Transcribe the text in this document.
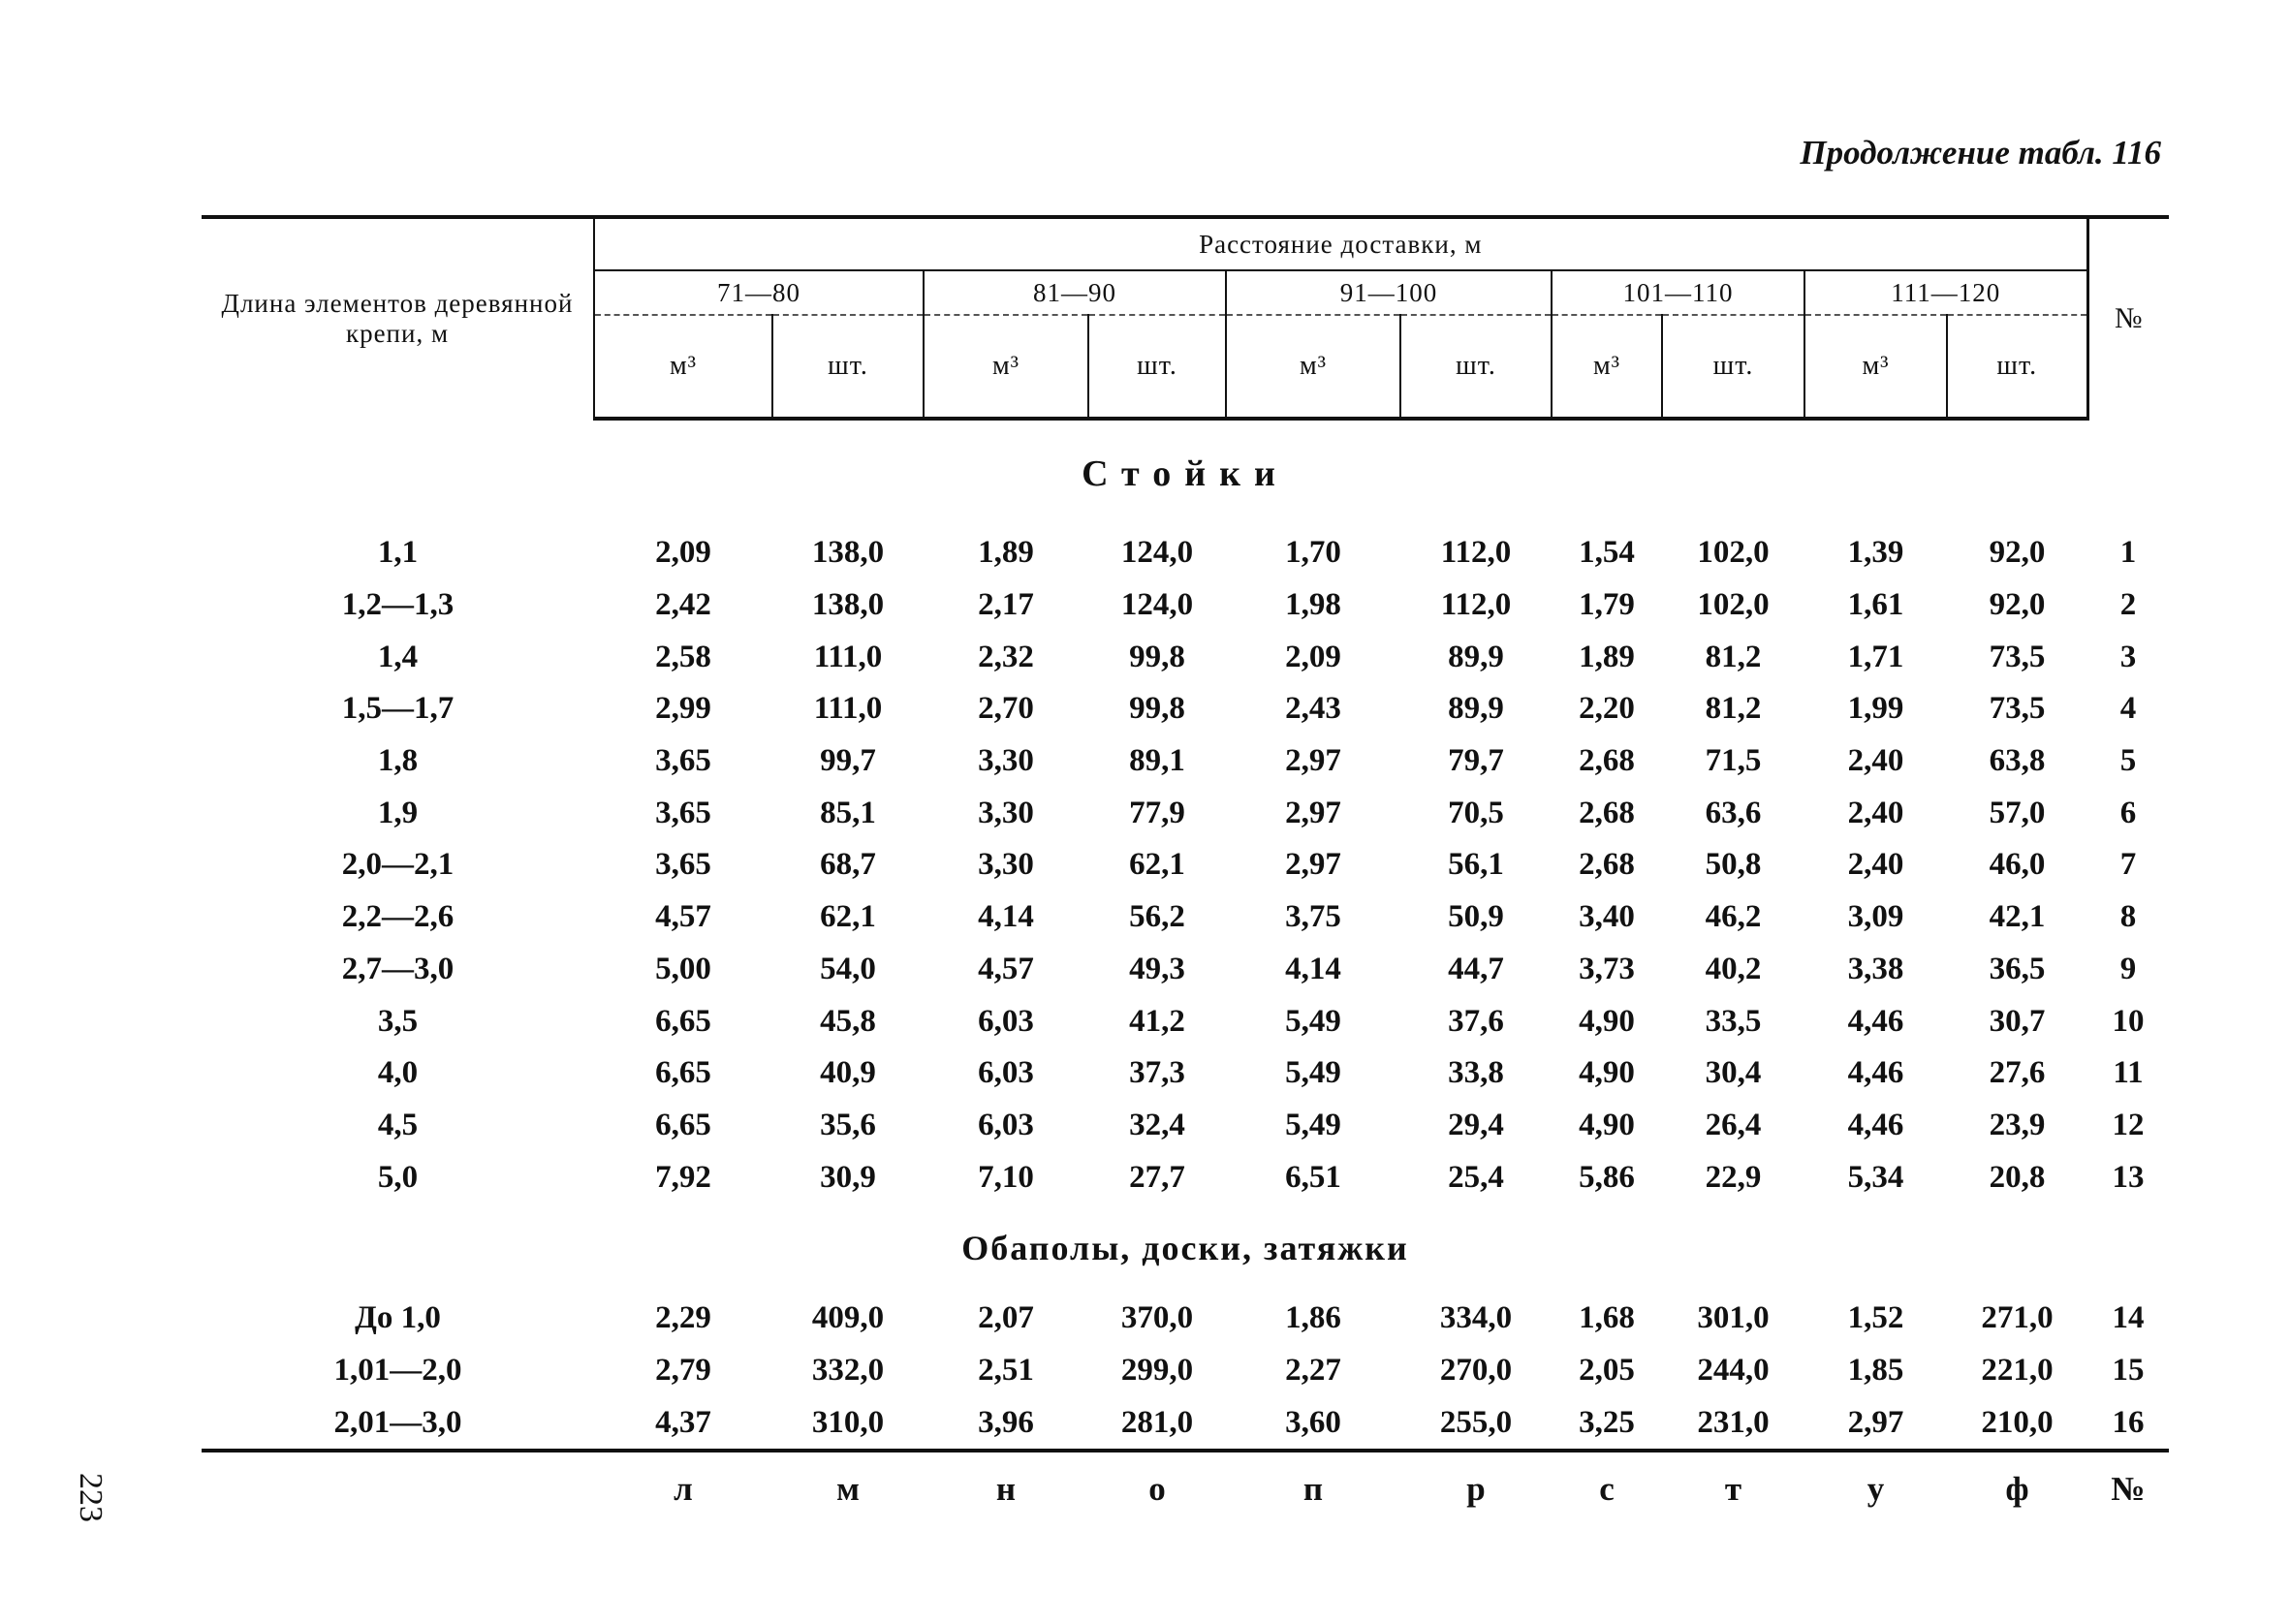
Продолжение табл. 116
223
Длина элементов деревянной крепи, м	Расстояние доставки, м										№
	71—80		81—90		91—100		101—110		111—120		
	м³	шт.	м³	шт.	м³	шт.	м³	шт.	м³	шт.	
Стойки											
1,1	2,09	138,0	1,89	124,0	1,70	112,0	1,54	102,0	1,39	92,0	1
1,2—1,3	2,42	138,0	2,17	124,0	1,98	112,0	1,79	102,0	1,61	92,0	2
1,4	2,58	111,0	2,32	99,8	2,09	89,9	1,89	81,2	1,71	73,5	3
1,5—1,7	2,99	111,0	2,70	99,8	2,43	89,9	2,20	81,2	1,99	73,5	4
1,8	3,65	99,7	3,30	89,1	2,97	79,7	2,68	71,5	2,40	63,8	5
1,9	3,65	85,1	3,30	77,9	2,97	70,5	2,68	63,6	2,40	57,0	6
2,0—2,1	3,65	68,7	3,30	62,1	2,97	56,1	2,68	50,8	2,40	46,0	7
2,2—2,6	4,57	62,1	4,14	56,2	3,75	50,9	3,40	46,2	3,09	42,1	8
2,7—3,0	5,00	54,0	4,57	49,3	4,14	44,7	3,73	40,2	3,38	36,5	9
3,5	6,65	45,8	6,03	41,2	5,49	37,6	4,90	33,5	4,46	30,7	10
4,0	6,65	40,9	6,03	37,3	5,49	33,8	4,90	30,4	4,46	27,6	11
4,5	6,65	35,6	6,03	32,4	5,49	29,4	4,90	26,4	4,46	23,9	12
5,0	7,92	30,9	7,10	27,7	6,51	25,4	5,86	22,9	5,34	20,8	13
Обаполы, доски, затяжки											
До 1,0	2,29	409,0	2,07	370,0	1,86	334,0	1,68	301,0	1,52	271,0	14
1,01—2,0	2,79	332,0	2,51	299,0	2,27	270,0	2,05	244,0	1,85	221,0	15
2,01—3,0	4,37	310,0	3,96	281,0	3,60	255,0	3,25	231,0	2,97	210,0	16
	л	м	н	о	п	р	с	т	у	ф	№
